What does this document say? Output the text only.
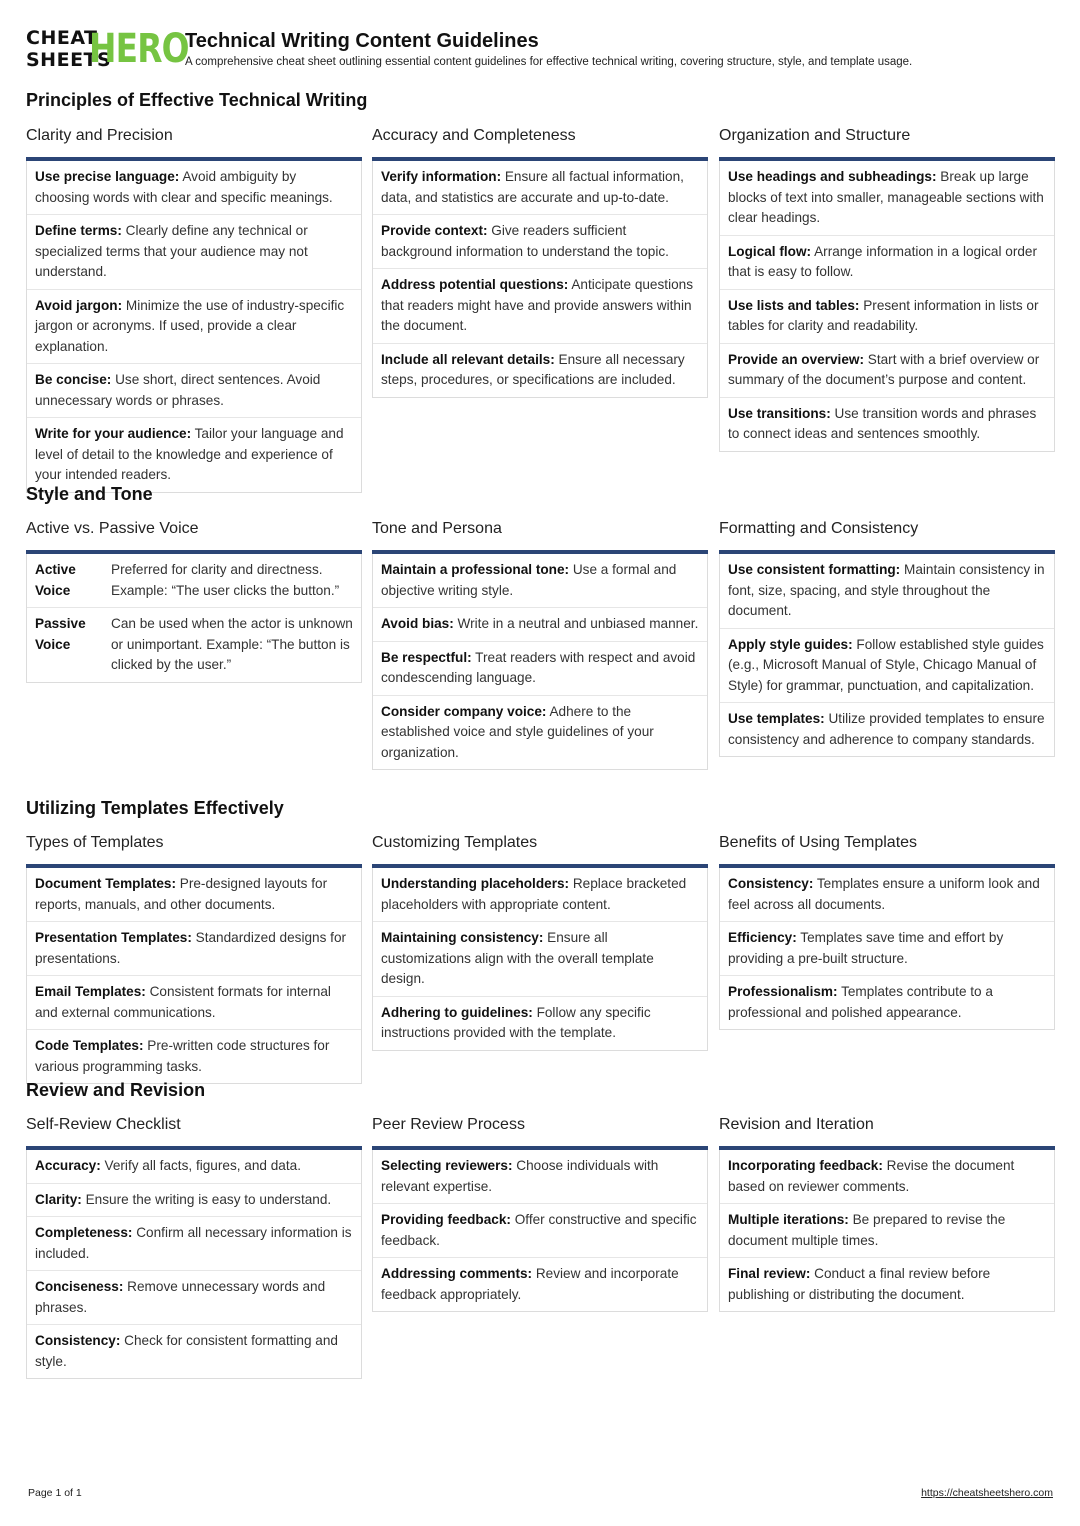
CHEAT
SHEETS
HERO
Technical Writing Content Guidelines
A comprehensive cheat sheet outlining essential content guidelines for effective technical writing, covering structure, style, and template usage.
Principles of Effective Technical Writing
Clarity and Precision
Use precise language: Avoid ambiguity by choosing words with clear and specific meanings.
Define terms: Clearly define any technical or specialized terms that your audience may not understand.
Avoid jargon: Minimize the use of industry-specific jargon or acronyms. If used, provide a clear explanation.
Be concise: Use short, direct sentences. Avoid unnecessary words or phrases.
Write for your audience: Tailor your language and level of detail to the knowledge and experience of your intended readers.
Accuracy and Completeness
Verify information: Ensure all factual information, data, and statistics are accurate and up-to-date.
Provide context: Give readers sufficient background information to understand the topic.
Address potential questions: Anticipate questions that readers might have and provide answers within the document.
Include all relevant details: Ensure all necessary steps, procedures, or specifications are included.
Organization and Structure
Use headings and subheadings: Break up large blocks of text into smaller, manageable sections with clear headings.
Logical flow: Arrange information in a logical order that is easy to follow.
Use lists and tables: Present information in lists or tables for clarity and readability.
Provide an overview: Start with a brief overview or summary of the document’s purpose and content.
Use transitions: Use transition words and phrases to connect ideas and sentences smoothly.
Style and Tone
Active vs. Passive Voice
Active Voice
Preferred for clarity and directness. Example: “The user clicks the button.”
Passive Voice
Can be used when the actor is unknown or unimportant. Example: “The button is clicked by the user.”
Tone and Persona
Maintain a professional tone: Use a formal and objective writing style.
Avoid bias: Write in a neutral and unbiased manner.
Be respectful: Treat readers with respect and avoid condescending language.
Consider company voice: Adhere to the established voice and style guidelines of your organization.
Formatting and Consistency
Use consistent formatting: Maintain consistency in font, size, spacing, and style throughout the document.
Apply style guides: Follow established style guides (e.g., Microsoft Manual of Style, Chicago Manual of Style) for grammar, punctuation, and capitalization.
Use templates: Utilize provided templates to ensure consistency and adherence to company standards.
Utilizing Templates Effectively
Types of Templates
Document Templates: Pre-designed layouts for reports, manuals, and other documents.
Presentation Templates: Standardized designs for presentations.
Email Templates: Consistent formats for internal and external communications.
Code Templates: Pre-written code structures for various programming tasks.
Customizing Templates
Understanding placeholders: Replace bracketed placeholders with appropriate content.
Maintaining consistency: Ensure all customizations align with the overall template design.
Adhering to guidelines: Follow any specific instructions provided with the template.
Benefits of Using Templates
Consistency: Templates ensure a uniform look and feel across all documents.
Efficiency: Templates save time and effort by providing a pre-built structure.
Professionalism: Templates contribute to a professional and polished appearance.
Review and Revision
Self-Review Checklist
Accuracy: Verify all facts, figures, and data.
Clarity: Ensure the writing is easy to understand.
Completeness: Confirm all necessary information is included.
Conciseness: Remove unnecessary words and phrases.
Consistency: Check for consistent formatting and style.
Peer Review Process
Selecting reviewers: Choose individuals with relevant expertise.
Providing feedback: Offer constructive and specific feedback.
Addressing comments: Review and incorporate feedback appropriately.
Revision and Iteration
Incorporating feedback: Revise the document based on reviewer comments.
Multiple iterations: Be prepared to revise the document multiple times.
Final review: Conduct a final review before publishing or distributing the document.
Page 1 of 1	https://cheatsheetshero.com
